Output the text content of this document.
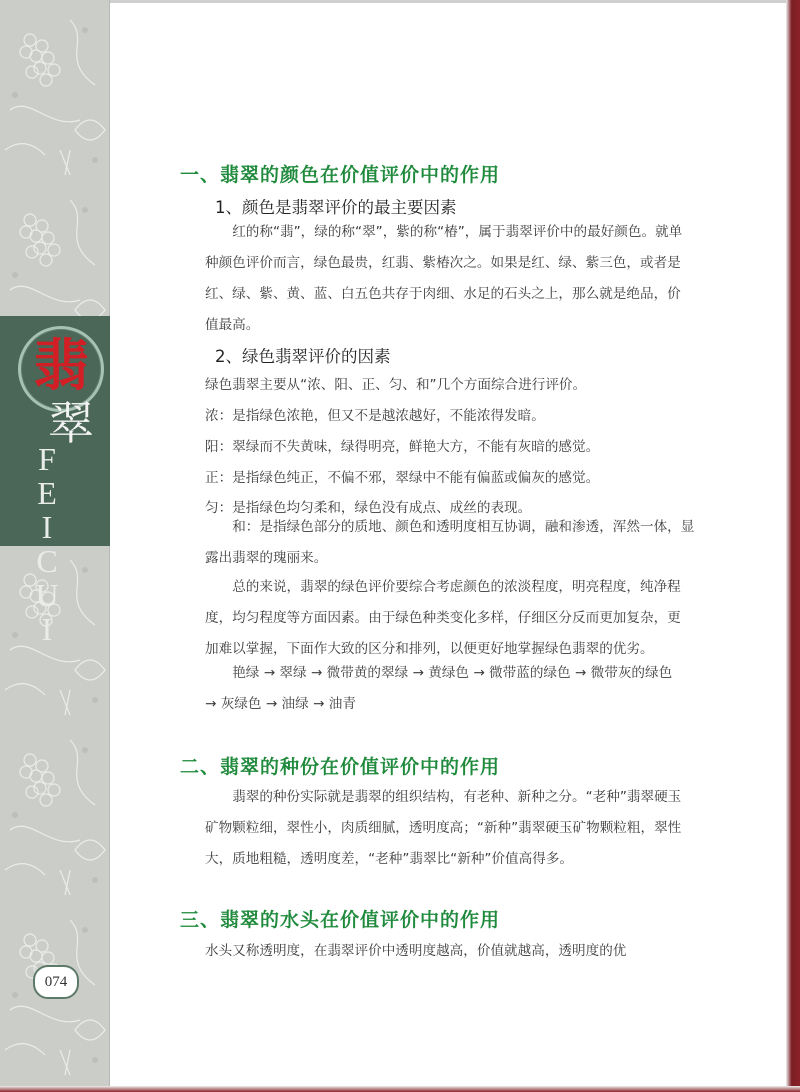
翡
翠
F
E
I
C
U
I
074
一、翡翠的颜色在价值评价中的作用
1、颜色是翡翠评价的最主要因素

红的称“翡”，绿的称“翠”，紫的称“椿”，属于翡翠评价中的最好颜色。就单种颜色评价而言，绿色最贵，红翡、紫椿次之。如果是红、绿、紫三色，或者是红、绿、紫、黄、蓝、白五色共存于肉细、水足的石头之上，那么就是绝品，价值最高。

2、绿色翡翠评价的因素
绿色翡翠主要从“浓、阳、正、匀、和”几个方面综合进行评价。
浓：是指绿色浓艳，但又不是越浓越好，不能浓得发暗。
阳：翠绿而不失黄味，绿得明亮，鲜艳大方，不能有灰暗的感觉。
正：是指绿色纯正，不偏不邪，翠绿中不能有偏蓝或偏灰的感觉。
匀：是指绿色均匀柔和，绿色没有成点、成丝的表现。

和：是指绿色部分的质地、颜色和透明度相互协调，融和渗透，浑然一体，显露出翡翠的瑰丽来。

总的来说，翡翠的绿色评价要综合考虑颜色的浓淡程度，明亮程度，纯净程度，均匀程度等方面因素。由于绿色种类变化多样，仔细区分反而更加复杂，更加难以掌握，下面作大致的区分和排列，以便更好地掌握绿色翡翠的优劣。

艳绿 → 翠绿 → 微带黄的翠绿 → 黄绿色 → 微带蓝的绿色 → 微带灰的绿色 → 灰绿色 → 油绿 → 油青

二、翡翠的种份在价值评价中的作用

翡翠的种份实际就是翡翠的组织结构，有老种、新种之分。“老种”翡翠硬玉矿物颗粒细，翠性小，肉质细腻，透明度高；“新种”翡翠硬玉矿物颗粒粗，翠性大，质地粗糙，透明度差，“老种”翡翠比“新种”价值高得多。

三、翡翠的水头在价值评价中的作用
水头又称透明度，在翡翠评价中透明度越高，价值就越高，透明度的优
